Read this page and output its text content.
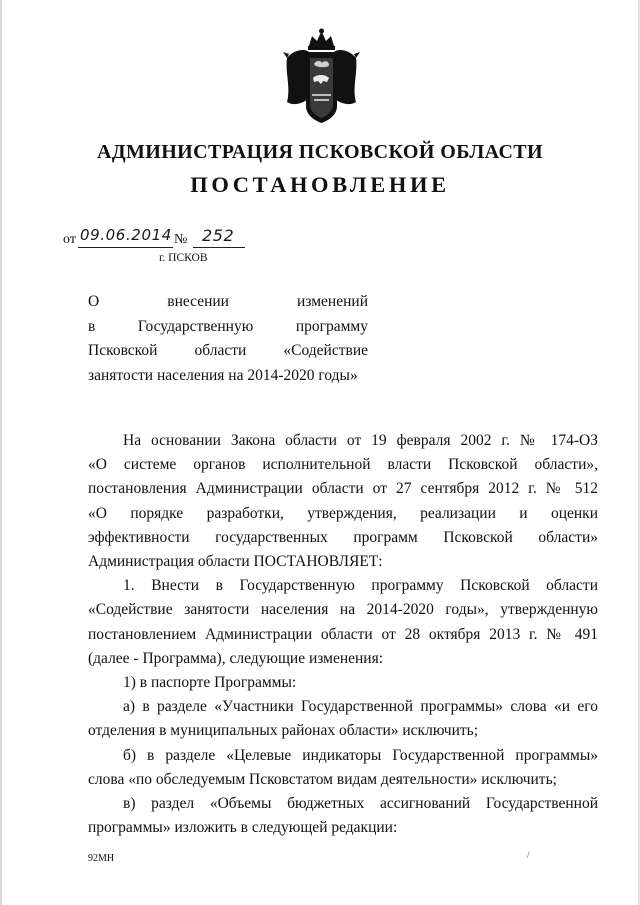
АДМИНИСТРАЦИЯ ПСКОВСКОЙ ОБЛАСТИ
ПОСТАНОВЛЕНИЕ
от 09.06.2014 № 252
г. ПСКОВ
О внесении изменений
в Государственную программу
Псковской области «Содействие
занятости населения на 2014-2020 годы»

На основании Закона области от 19 февраля 2002 г. № 174-ОЗ

«О системе органов исполнительной власти Псковской области»,

постановления Администрации области от 27 сентября 2012 г. № 512

«О порядке разработки, утверждения, реализации и оценки

эффективности государственных программ Псковской области»

Администрация области ПОСТАНОВЛЯЕТ:

1. Внести в Государственную программу Псковской области

«Содействие занятости населения на 2014-2020 годы», утвержденную

постановлением Администрации области от 28 октября 2013 г. № 491

(далее - Программа), следующие изменения:

1) в паспорте Программы:

а) в разделе «Участники Государственной программы» слова «и его

отделения в муниципальных районах области» исключить;

б) в разделе «Целевые индикаторы Государственной программы»

слова «по обследуемым Псковстатом видам деятельности» исключить;

в) раздел «Объемы бюджетных ассигнований Государственной

программы» изложить в следующей редакции:

92МН	/
